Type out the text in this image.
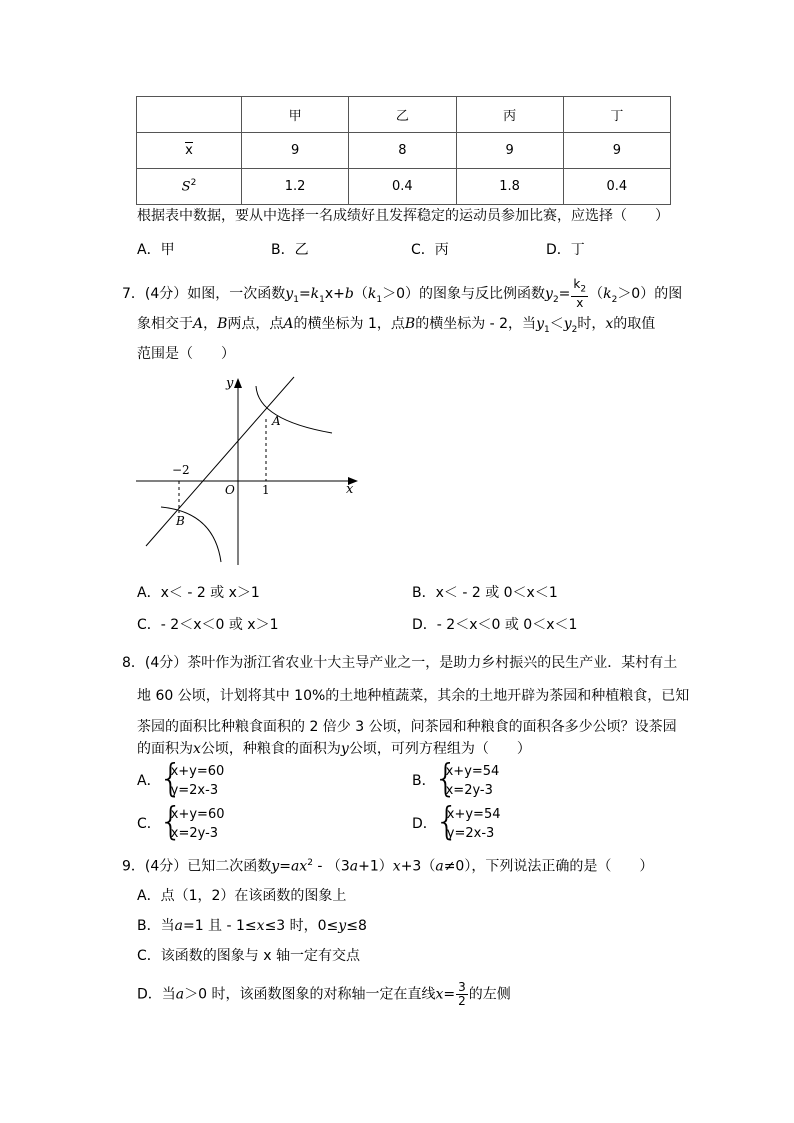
	甲	乙	丙	丁
x	9	8	9	9
$S^2$	1.2	0.4	1.8	0.4
根据表中数据，要从中选择一名成绩好且发挥稳定的运动员参加比赛，应选择（　　）
A．甲	B．乙	C．丙	D．丁
7．(4分）如图，一次函数$y_1=k_1x+b(k_1>0)$的图象与反比例函数$y_2= \frac{k_2}{x} (k_2>0)$的图
象相交于A，B两点，点A的横坐标为 1，点B的横坐标为 - 2，当$y_1<y_2$时，x的取值
范围是（　　）
y
x
O
A
B
−2
1
A．x＜ - 2 或 x＞1	B．x＜ - 2 或 0＜x＜1
C．- 2＜x＜0 或 x＞1	D．- 2＜x＜0 或 0＜x＜1
8．(4分）茶叶作为浙江省农业十大主导产业之一，是助力乡村振兴的民生产业．某村有土
地 60 公顷，计划将其中 10%的土地种植蔬菜，其余的土地开辟为茶园和种植粮食，已知
茶园的面积比种粮食面积的 2 倍少 3 公顷，问茶园和种粮食的面积各多少公顷？设茶园
的面积为x公顷，种粮食的面积为y公顷，可列方程组为（　　）
A．
{ x+y=60
y=2x-3
B．
{ x+y=54
x=2y-3
C．
{ x+y=60
x=2y-3
D．
{ x+y=54
y=2x-3
9．(4分）已知二次函数$y=ax^2 - (3a+1)x+3(a\ne 0)$，下列说法正确的是（　　）
A．点（1，2）在该函数的图象上
B．当a=1 且 - 1≤x≤3 时，0≤y≤8
C．该函数的图象与 x 轴一定有交点
D．当a＞0 时，该函数图象的对称轴一定在直线$x= \frac{3}{2}$ 的左侧
